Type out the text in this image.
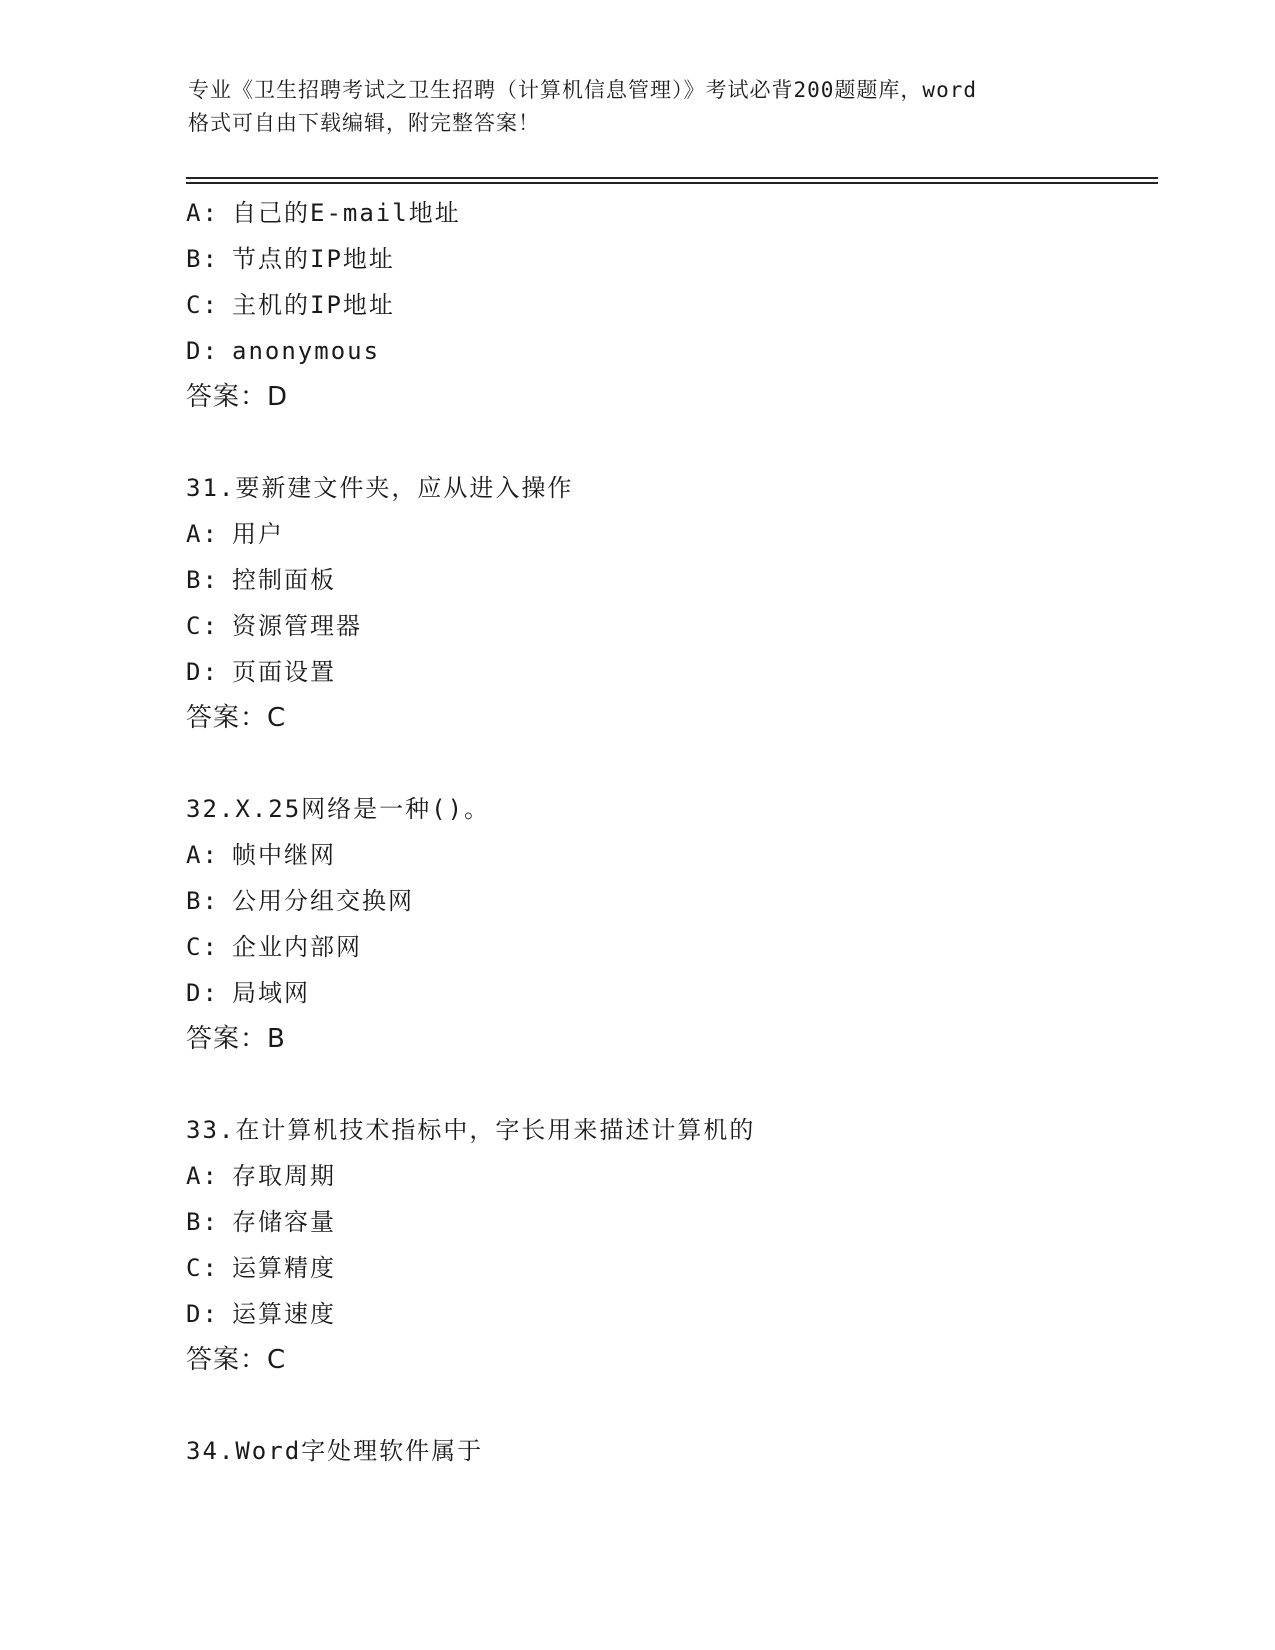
专业《卫生招聘考试之卫生招聘（计算机信息管理）》考试必背200题题库，word
格式可自由下载编辑，附完整答案！
A: 自己的E-mail地址
B: 节点的IP地址
C: 主机的IP地址
D: anonymous
答案：D
31.要新建文件夹，应从进入操作
A: 用户
B: 控制面板
C: 资源管理器
D: 页面设置
答案：C
32.X.25网络是一种()。
A: 帧中继网
B: 公用分组交换网
C: 企业内部网
D: 局域网
答案：B
33.在计算机技术指标中，字长用来描述计算机的
A: 存取周期
B: 存储容量
C: 运算精度
D: 运算速度
答案：C
34.Word字处理软件属于
